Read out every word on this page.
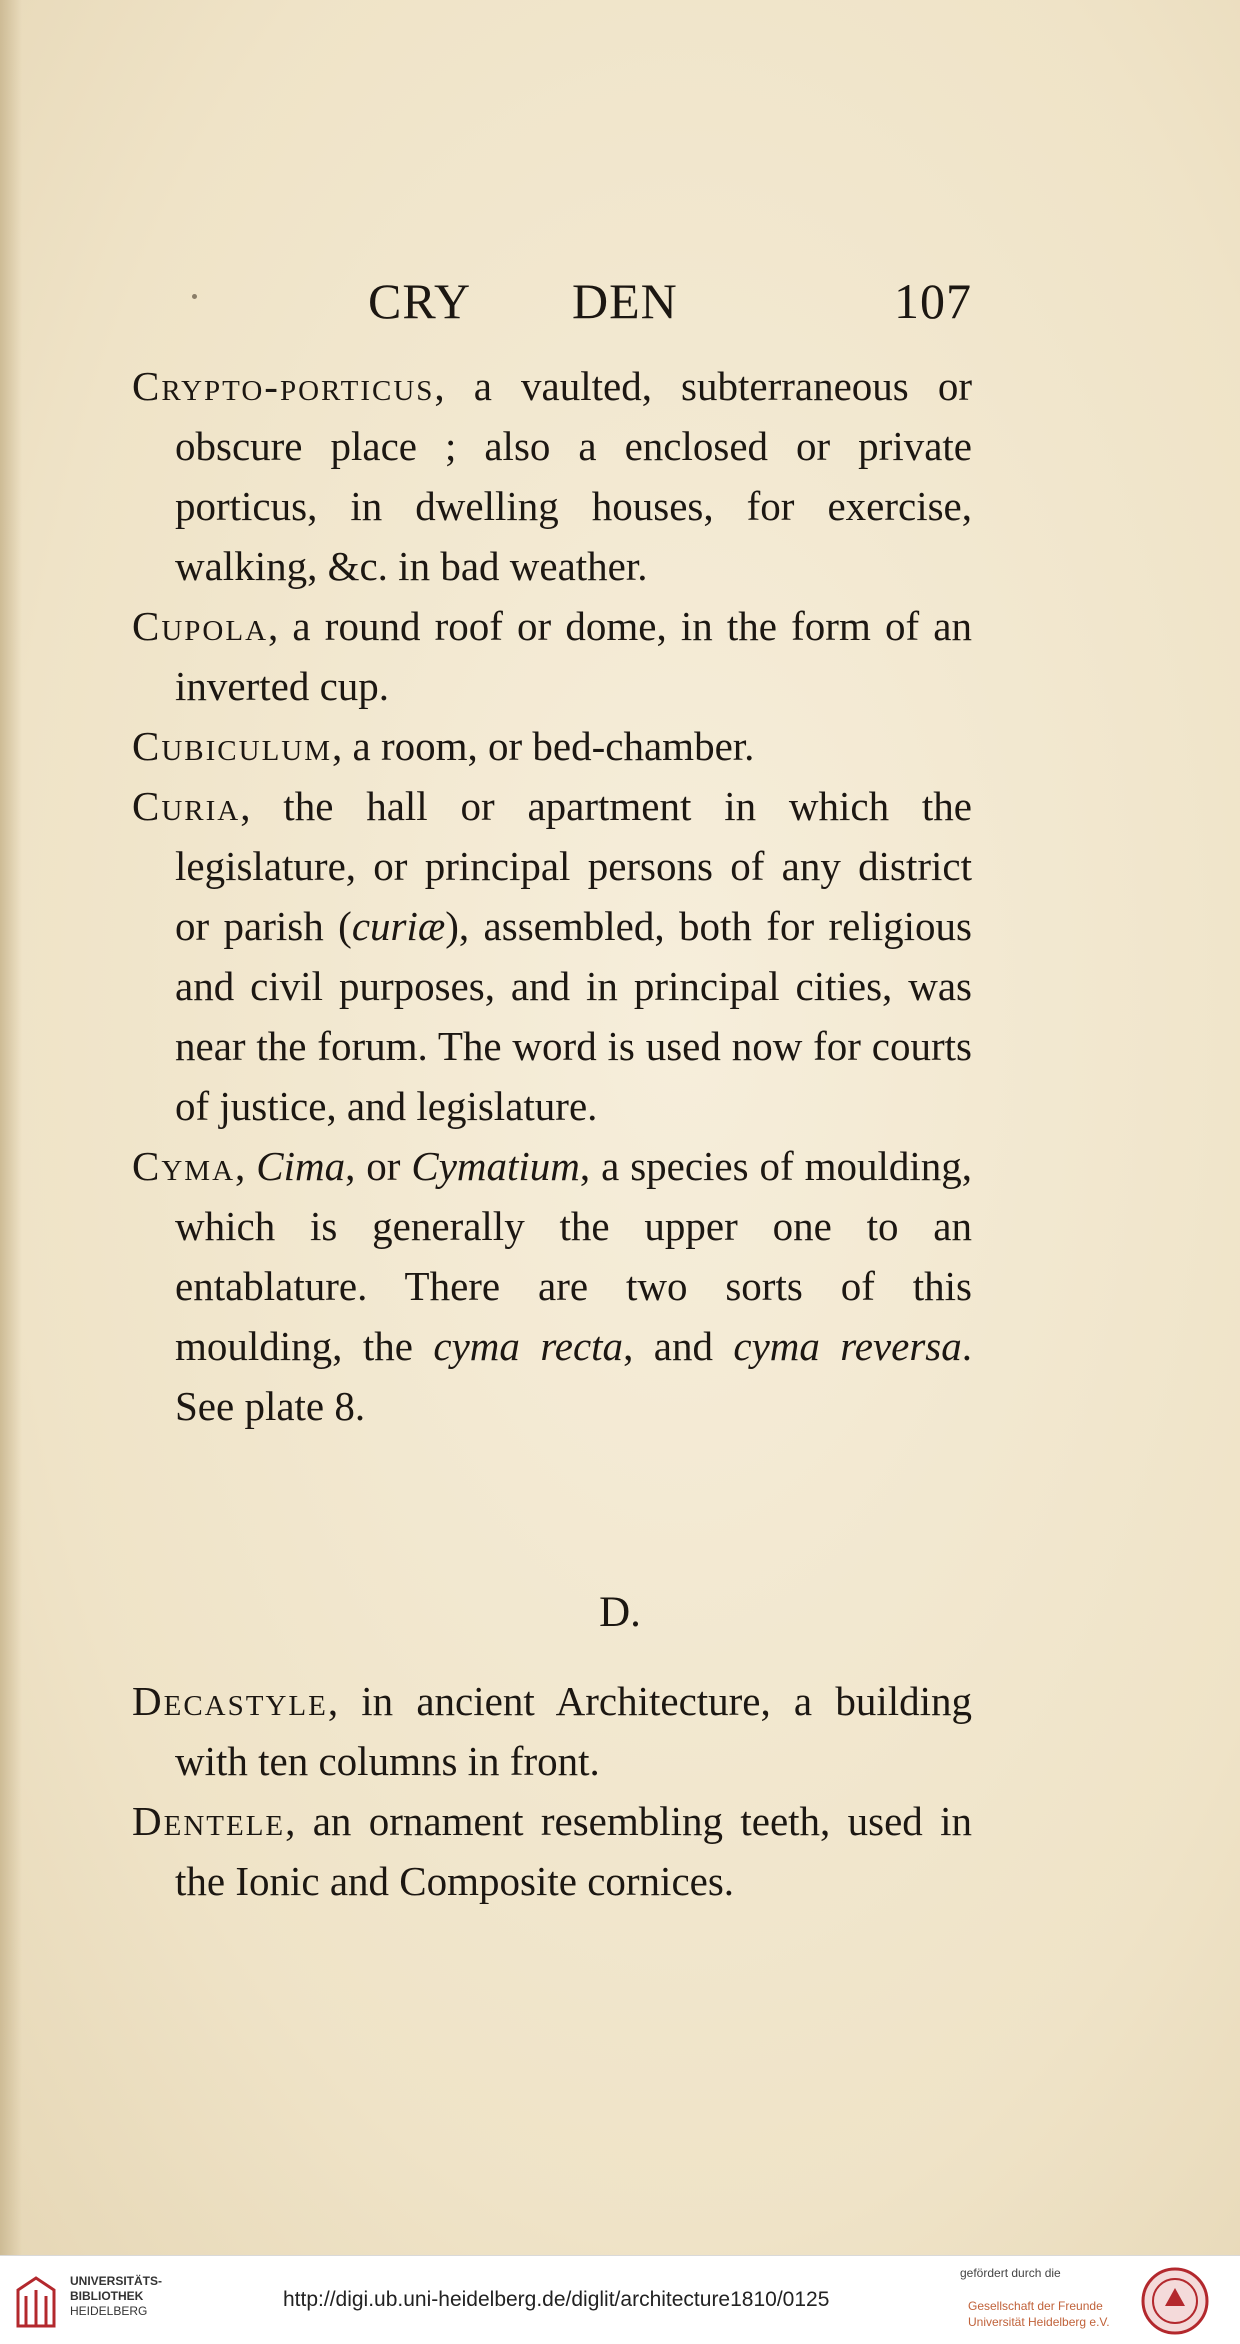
CRY DEN	107

Crypto-porticus, a vaulted, subterraneous or obscure place ; also a enclosed or private porticus, in dwelling houses, for exercise, walking, &c. in bad weather.

Cupola, a round roof or dome, in the form of an inverted cup.

Cubiculum, a room, or bed-chamber.

Curia, the hall or apartment in which the legislature, or principal persons of any district or parish (curiæ), assembled, both for religious and civil purposes, and in principal cities, was near the forum. The word is used now for courts of justice, and legislature.

Cyma, Cima, or Cymatium, a species of moulding, which is generally the upper one to an entablature. There are two sorts of this moulding, the cyma recta, and cyma reversa. See plate 8.

D.

Decastyle, in ancient Architecture, a building with ten columns in front.

Dentele, an ornament resembling teeth, used in the Ionic and Composite cornices.

UNIVERSITÄTS-
BIBLIOTHEK
HEIDELBERG	http://digi.ub.uni-heidelberg.de/diglit/architecture1810/0125
gefördert durch die
Gesellschaft der Freunde
Universität Heidelberg e.V.
